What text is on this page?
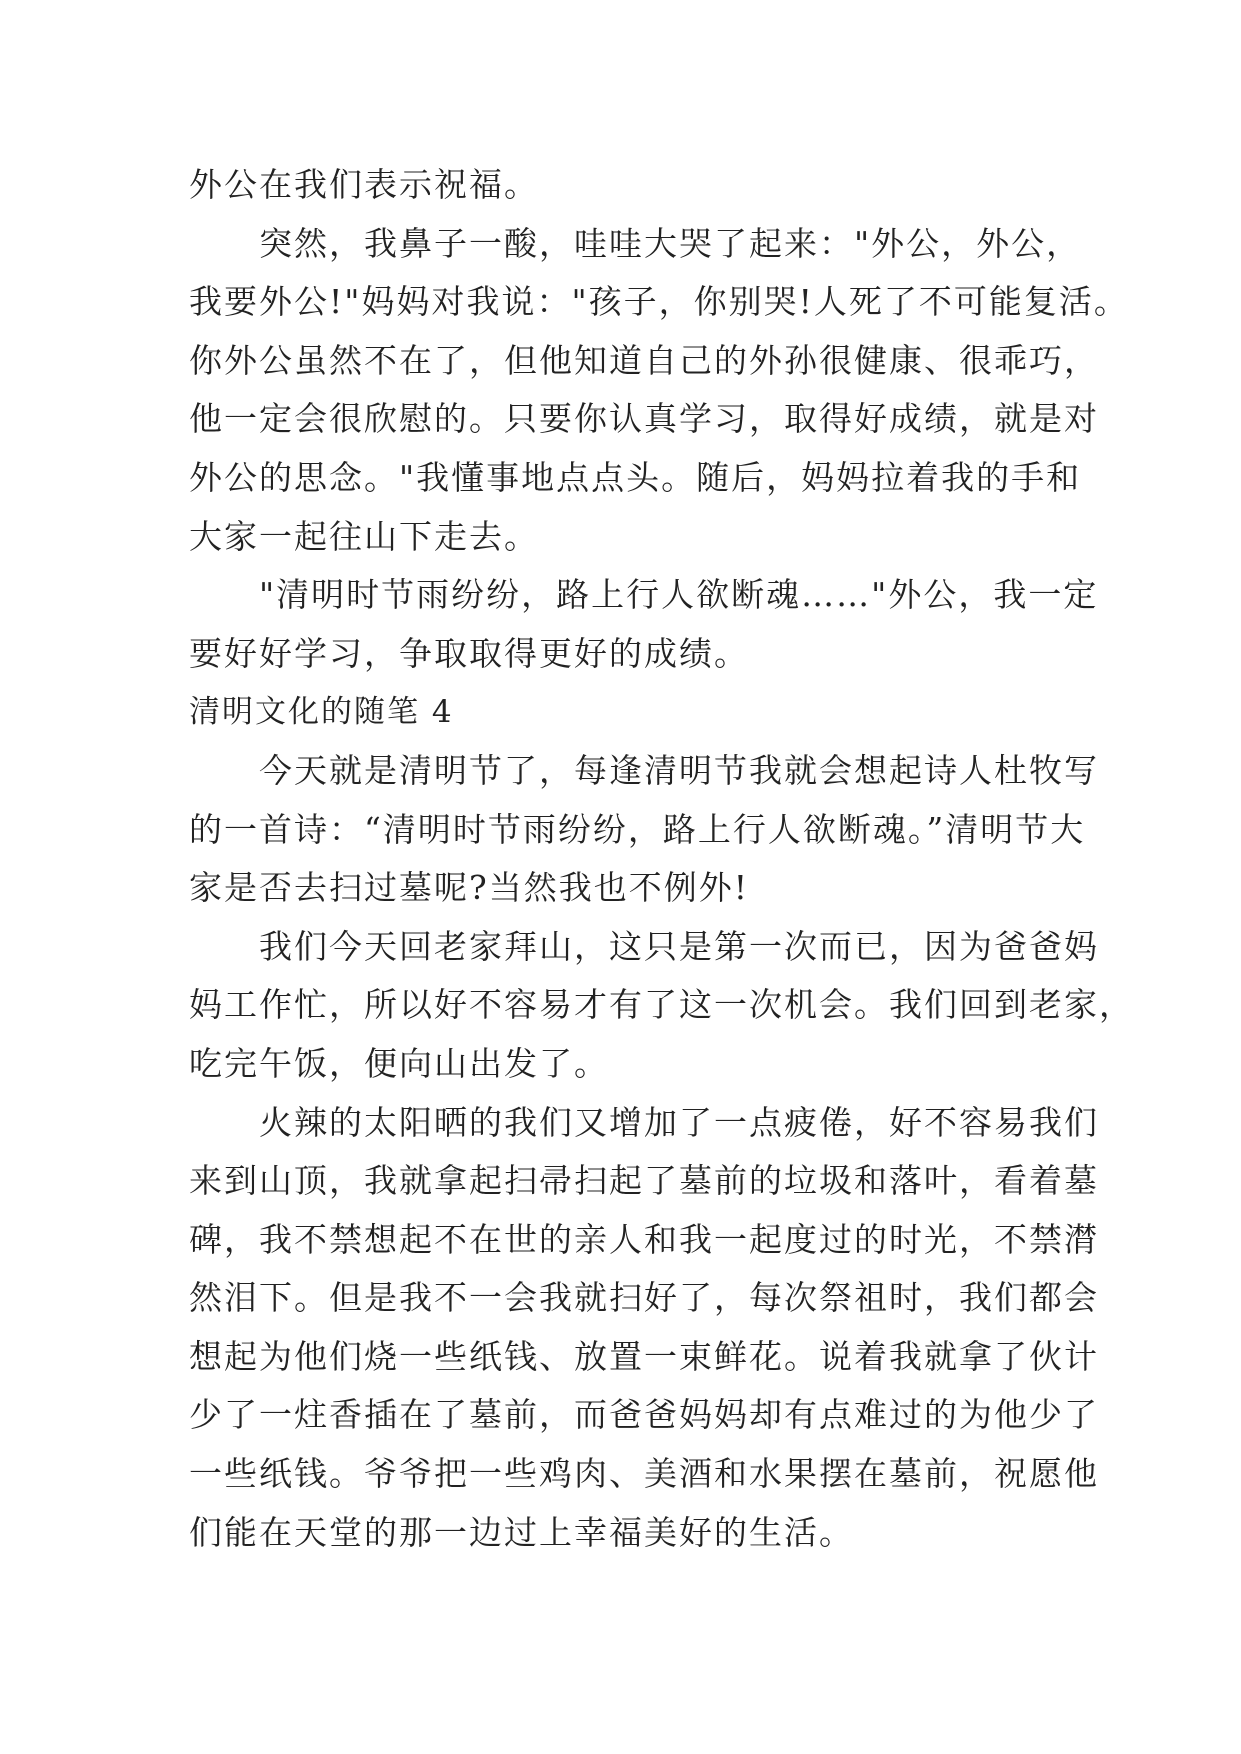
外公在我们表示祝福。
突然，我鼻子一酸，哇哇大哭了起来："外公，外公，
我要外公!"妈妈对我说："孩子，你别哭!人死了不可能复活。
你外公虽然不在了，但他知道自己的外孙很健康、很乖巧，
他一定会很欣慰的。只要你认真学习，取得好成绩，就是对
外公的思念。"我懂事地点点头。随后，妈妈拉着我的手和
大家一起往山下走去。
"清明时节雨纷纷，路上行人欲断魂……"外公，我一定
要好好学习，争取取得更好的成绩。
清明文化的随笔 4
今天就是清明节了，每逢清明节我就会想起诗人杜牧写
的一首诗：“清明时节雨纷纷，路上行人欲断魂。”清明节大
家是否去扫过墓呢?当然我也不例外!
我们今天回老家拜山，这只是第一次而已，因为爸爸妈
妈工作忙，所以好不容易才有了这一次机会。我们回到老家，
吃完午饭，便向山出发了。
火辣的太阳晒的我们又增加了一点疲倦，好不容易我们
来到山顶，我就拿起扫帚扫起了墓前的垃圾和落叶，看着墓
碑，我不禁想起不在世的亲人和我一起度过的时光，不禁潸
然泪下。但是我不一会我就扫好了，每次祭祖时，我们都会
想起为他们烧一些纸钱、放置一束鲜花。说着我就拿了伙计
少了一炷香插在了墓前，而爸爸妈妈却有点难过的为他少了
一些纸钱。爷爷把一些鸡肉、美酒和水果摆在墓前，祝愿他
们能在天堂的那一边过上幸福美好的生活。
